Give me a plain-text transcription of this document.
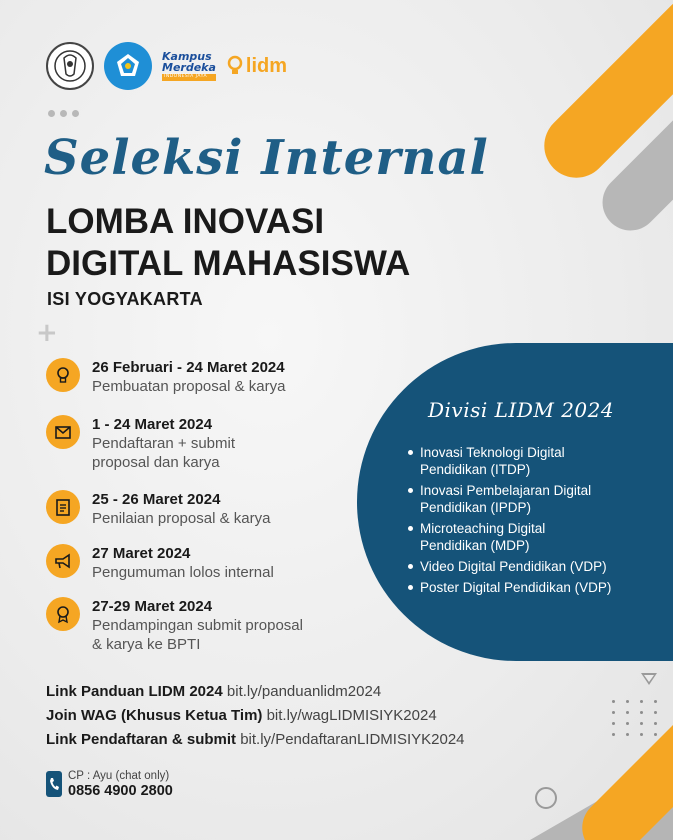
+
Kampus
Merdeka
INDONESIA JAYA
lidm
Seleksi Internal
LOMBA INOVASI
DIGITAL MAHASISWA
ISI YOGYAKARTA
26 Februari - 24 Maret 2024
Pembuatan proposal & karya
1 - 24 Maret 2024
Pendaftaran + submit
proposal dan karya
25 - 26 Maret 2024
Penilaian proposal & karya
27 Maret 2024
Pengumuman lolos internal
27-29 Maret 2024
Pendampingan submit proposal
& karya ke BPTI
Divisi LIDM 2024
Inovasi Teknologi Digital
Pendidikan (ITDP)
Inovasi Pembelajaran Digital
Pendidikan (IPDP)
Microteaching Digital
Pendidikan (MDP)
Video Digital Pendidikan (VDP)
Poster Digital Pendidikan (VDP)
Link Panduan LIDM 2024 bit.ly/panduanlidm2024
Join WAG (Khusus Ketua Tim) bit.ly/wagLIDMISIYK2024
Link Pendaftaran & submit bit.ly/PendaftaranLIDMISIYK2024
CP : Ayu (chat only)
0856 4900 2800
